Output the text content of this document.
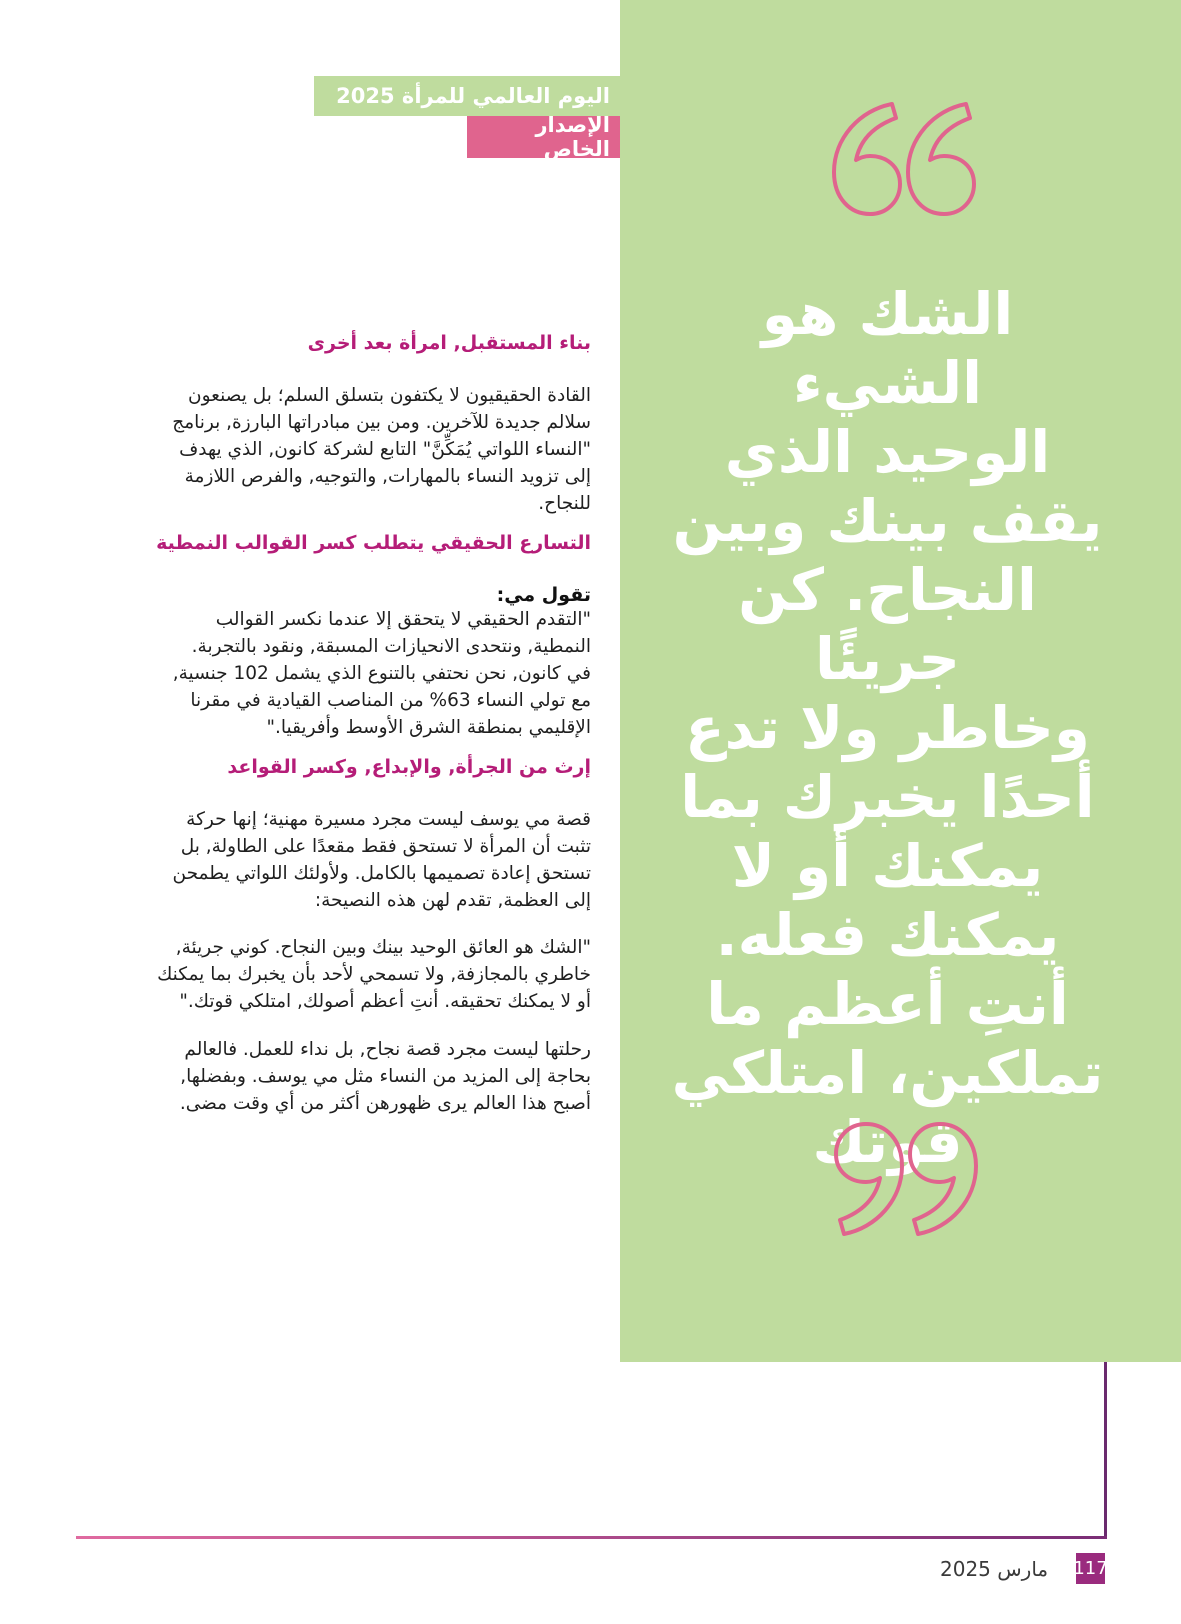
اليوم العالمي للمرأة 2025
الإصدار الخاص
الشك هو الشيء
الوحيد الذي
يقف بينك وبين
النجاح. كن جريئًا
وخاطر ولا تدع
أحدًا يخبرك بما
يمكنك أو لا
يمكنك فعله.
أنتِ أعظم ما
تملكين، امتلكي
قوتك
بناء المستقبل, امرأة بعد أخرى
القادة الحقيقيون لا يكتفون بتسلق السلم؛ بل يصنعون
سلالم جديدة للآخرين. ومن بين مبادراتها البارزة, برنامج
"النساء اللواتي يُمَكِّنَّ" التابع لشركة كانون, الذي يهدف
إلى تزويد النساء بالمهارات, والتوجيه, والفرص اللازمة
للنجاح.
التسارع الحقيقي يتطلب كسر القوالب النمطية
تقول مي:
"التقدم الحقيقي لا يتحقق إلا عندما نكسر القوالب
النمطية, ونتحدى الانحيازات المسبقة, ونقود بالتجربة.
في كانون, نحن نحتفي بالتنوع الذي يشمل 102 جنسية,
مع تولي النساء 63% من المناصب القيادية في مقرنا
الإقليمي بمنطقة الشرق الأوسط وأفريقيا."
إرث من الجرأة, والإبداع, وكسر القواعد
قصة مي يوسف ليست مجرد مسيرة مهنية؛ إنها حركة
تثبت أن المرأة لا تستحق فقط مقعدًا على الطاولة, بل
تستحق إعادة تصميمها بالكامل. ولأولئك اللواتي يطمحن
إلى العظمة, تقدم لهن هذه النصيحة:
"الشك هو العائق الوحيد بينك وبين النجاح. كوني جريئة,
خاطري بالمجازفة, ولا تسمحي لأحد بأن يخبرك بما يمكنك
أو لا يمكنك تحقيقه. أنتِ أعظم أصولك, امتلكي قوتك."
رحلتها ليست مجرد قصة نجاح, بل نداء للعمل. فالعالم
بحاجة إلى المزيد من النساء مثل مي يوسف. وبفضلها,
أصبح هذا العالم يرى ظهورهن أكثر من أي وقت مضى.
117
مارس 2025
